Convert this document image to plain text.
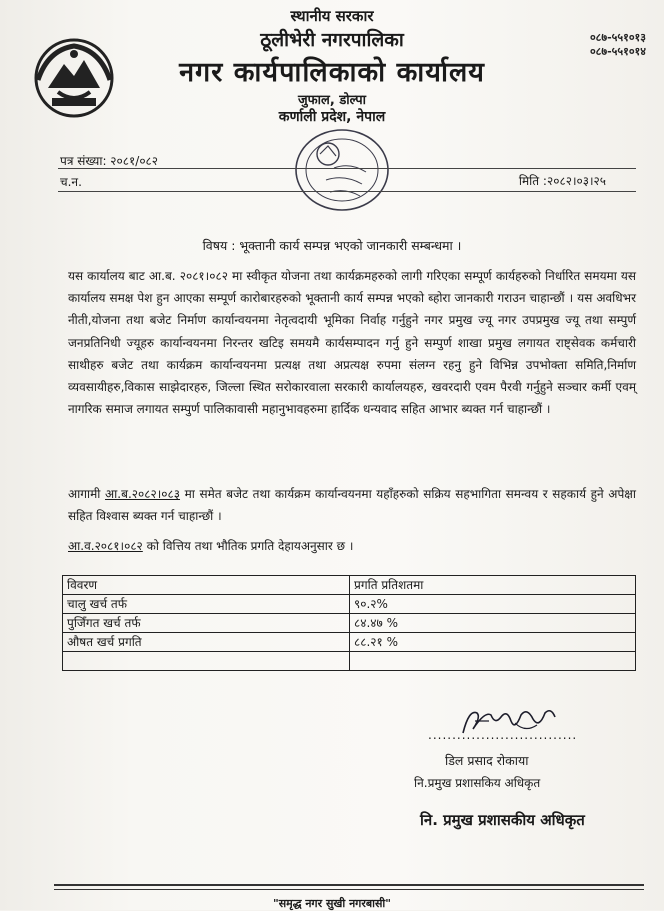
स्थानीय सरकार
ठूलीभेरी नगरपालिका
नगर कार्यपालिकाको कार्यालय
जुफाल, डोल्पा
कर्णाली प्रदेश, नेपाल
०८७-५५१०१३
०८७-५५१०१४
पत्र संख्या: २०८१/०८२
च.न.	मिति :२०८२।०३।२५
विषय : भूक्तानी कार्य सम्पन्न भएको जानकारी सम्बन्धमा ।
यस कार्यालय बाट आ.ब. २०८१।०८२ मा स्वीकृत योजना तथा कार्यक्रमहरुको लागी गरिएका सम्पूर्ण कार्यहरुको निर्धारित समयमा यस कार्यालय समक्ष पेश हुन आएका सम्पूर्ण कारोबारहरुको भूक्तानी कार्य सम्पन्न भएको ब्होरा जानकारी गराउन चाहान्छौं । यस अवधिभर नीती,योजना तथा बजेट निर्माण कार्यान्वयनमा नेतृत्वदायी भूमिका निर्वाह गर्नुहुने नगर प्रमुख ज्यू नगर उपप्रमुख ज्यू तथा सम्पुर्ण जनप्रतिनिधी ज्यूहरु कार्यान्वयनमा निरन्तर खटिइ समयमै कार्यसम्पादन गर्नु हुने सम्पुर्ण शाखा प्रमुख लगायत राष्ट्सेवक कर्मचारी साथीहरु बजेट तथा कार्यक्रम कार्यान्वयनमा प्रत्यक्ष तथा अप्रत्यक्ष रुपमा संलग्न रहनु हुने विभिन्न उपभोक्ता समिति,निर्माण व्यवसायीहरु,विकास साझेदारहरु, जिल्ला स्थित सरोकारवाला सरकारी कार्यालयहरु, खवरदारी एवम पैरवी गर्नुहुने सञ्चार कर्मी एवम् नागरिक समाज लगायत सम्पुर्ण पालिकावासी महानुभावहरुमा हार्दिक धन्यवाद सहित आभार ब्यक्त गर्न चाहान्छौं ।
आगामी आ.ब.२०८२।०८३ मा समेत बजेट तथा कार्यक्रम कार्यान्वयनमा यहाँहरुको सक्रिय सहभागिता समन्वय र सहकार्य हुने अपेक्षा सहित विश्वास ब्यक्त गर्न चाहान्छौं ।
आ.व.२०८१।०८२ को वित्तिय तथा भौतिक प्रगति देहायअनुसार छ ।
विवरण	प्रगति प्रतिशतमा
चालु खर्च तर्फ	९०.२%
पुजिँगत खर्च तर्फ	८४.४७ %
औषत खर्च प्रगति	८८.२१ %

...............................
डिल प्रसाद रोकाया
नि.प्रमुख प्रशासकिय अधिकृत
नि. प्रमुख प्रशासकीय अधिकृत
"समृद्ध नगर सुखी नगरबासी"
